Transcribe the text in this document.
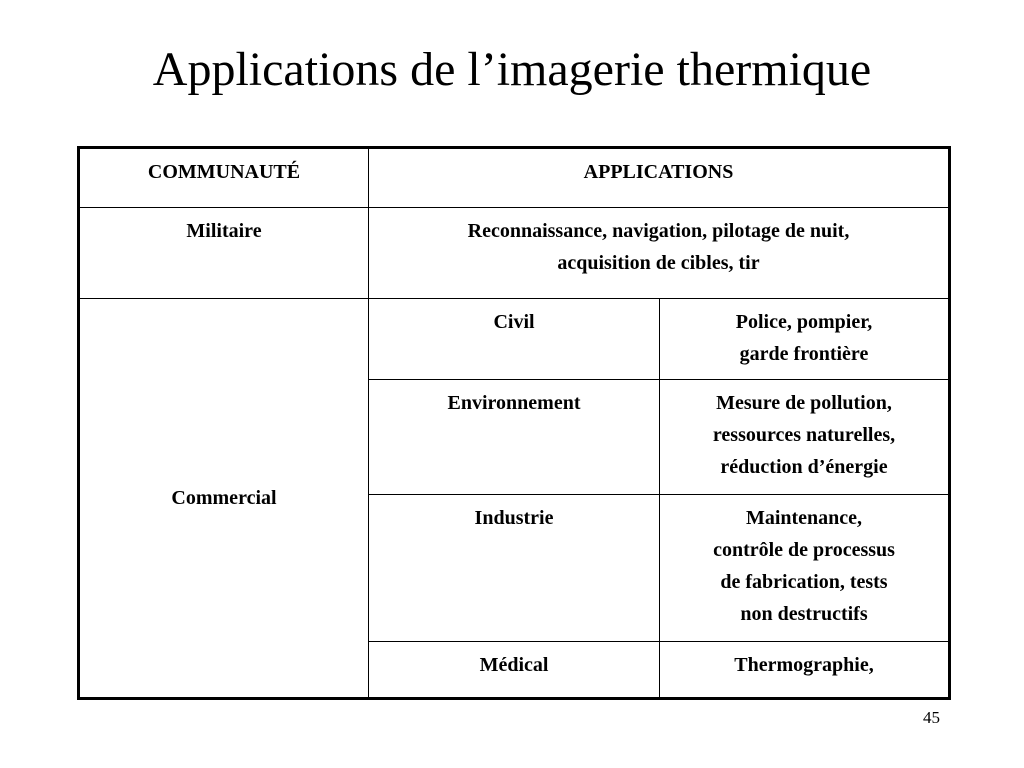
Applications de l’imagerie thermique
COMMUNAUTÉ	APPLICATIONS	
Militaire	Reconnaissance, navigation, pilotage de nuit,
acquisition de cibles, tir	

Commercial	Civil	Police, pompier,
garde frontière

	Environnement	Mesure de pollution,
ressources naturelles,
réduction d’énergie

	Industrie	Maintenance,
contrôle de processus
de fabrication, tests
non destructifs

	Médical	Thermographie,
45
